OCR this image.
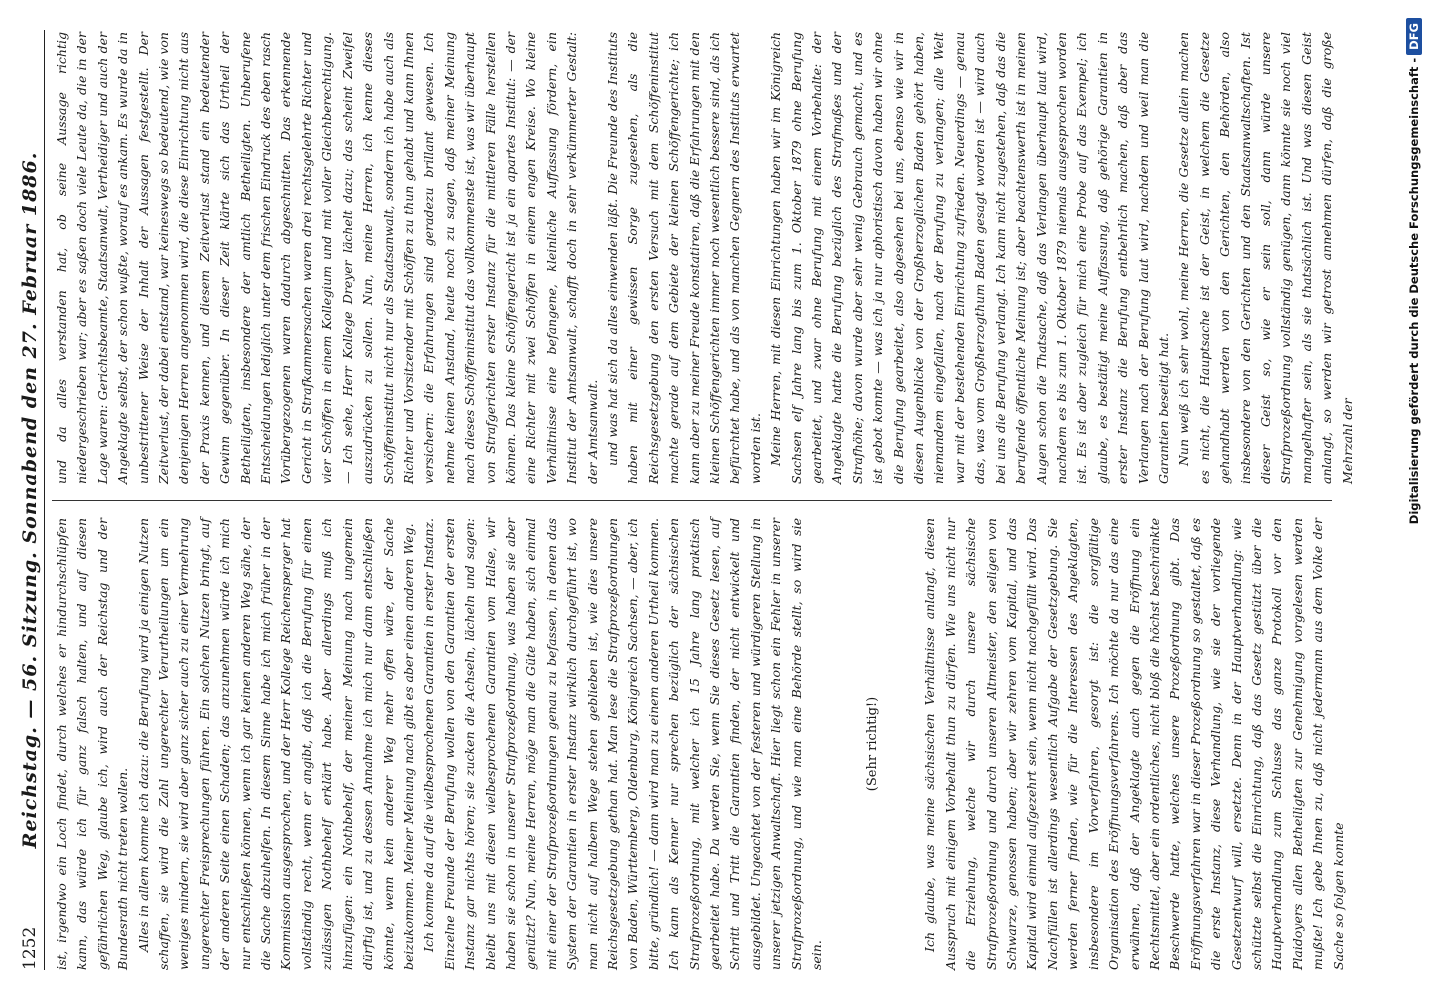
1252
Reichstag. — 56. Sitzung. Sonnabend den 27. Februar 1886. ist, irgendwo ein Loch findet, durch welches er hindurchschlüpfen kann, das würde ich für ganz falsch halten, und auf diesen gefährlichen Weg, glaube ich, wird auch der Reichstag und der Bundesrath nicht treten wollen. Alles in allem komme ich dazu: die Berufung wird ja einigen Nutzen schaffen, sie wird die Zahl ungerechter Verurtheilungen um ein weniges mindern, sie wird aber ganz sicher auch zu einer Vermehrung ungerechter Freisprechungen führen. Ein solchen Nutzen bringt, auf der anderen Seite einen Schaden; das anzunehmen würde ich mich nur entschließen können, wenn ich gar keinen anderen Weg sähe, der die Sache abzuhelfen. In diesem Sinne habe ich mich früher in der Kommission ausgesprochen, und der Herr Kollege Reichensperger hat vollständig recht, wenn er angibt, daß ich die Berufung für einen zulässigen Nothbehelf erklärt habe. Aber allerdings muß ich hinzufügen: ein Nothbehelf, der meiner Meinung nach ungemein dürftig ist, und zu dessen Annahme ich mich nur dann entschließen könnte, wenn kein anderer Weg mehr offen wäre, der Sache beizukommen. Meiner Meinung nach gibt es aber einen anderen Weg. Ich komme da auf die vielbesprochenen Garantien in erster Instanz. Einzelne Freunde der Berufung wollen von den Garantien der ersten Instanz gar nichts hören; sie zucken die Achseln, lächeln und sagen: bleibt uns mit diesen vielbesprochenen Garantien vom Halse, wir haben sie schon in unserer Strafprozeßordnung, was haben sie aber genützt? Nun, meine Herren, möge man die Güte haben, sich einmal mit einer der Strafprozeßordnungen genau zu befassen, in denen das System der Garantien in erster Instanz wirklich durchgeführt ist, wo man nicht auf halbem Wege stehen geblieben ist, wie dies unsere Reichsgesetzgebung gethan hat. Man lese die Strafprozeßordnungen von Baden, Württemberg, Oldenburg, Königreich Sachsen, — aber, ich bitte, gründlich! — dann wird man zu einem anderen Urtheil kommen. Ich kann als Kenner nur sprechen bezüglich der sächsischen Strafprozeßordnung, mit welcher ich 15 Jahre lang praktisch gearbeitet habe. Da werden Sie, wenn Sie dieses Gesetz lesen, auf Schritt und Tritt die Garantien finden, der nicht entwickelt und ausgebildet. Ungeachtet von der festeren und würdigeren Stellung in unserer jetzigen Anwaltschaft. Hier liegt schon ein Fehler in unserer Strafprozeßordnung, und wie man eine Behörde stellt, so wird sie sein.

(Sehr richtig!)	Ich glaube, was meine sächsischen Verhältnisse anlangt, diesen Ausspruch mit einigem Vorbehalt thun zu dürfen. Wie uns nicht nur die Erziehung, welche wir durch unsere sächsische Strafprozeßordnung und durch unseren Altmeister, den seligen von Schwarze, genossen haben; aber wir zehren vom Kapital, und das Kapital wird einmal aufgezehrt sein, wenn nicht nachgefüllt wird. Das Nachfüllen ist allerdings wesentlich Aufgabe der Gesetzgebung. Sie werden ferner finden, wie für die Interessen des Angeklagten, insbesondere im Vorverfahren, gesorgt ist: die sorgfältige Organisation des Eröffnungsverfahrens. Ich möchte da nur das eine erwähnen, daß der Angeklagte auch gegen die Eröffnung ein Rechtsmittel, aber ein ordentliches, nicht bloß die höchst beschränkte Beschwerde hatte, welches unsere Prozeßordnung gibt. Das Eröffnungsverfahren war in dieser Prozeßordnung so gestaltet, daß es die erste Instanz, diese Verhandlung, wie sie der vorliegende Gesetzentwurf will, ersetzte. Denn in der Hauptverhandlung: wie schützte selbst die Einrichtung, daß das Gesetz gestützt über die Hauptverhandlung zum Schlusse das ganze Protokoll vor den Plaidoyers allen Betheiligten zur Genehmigung vorgelesen werden mußte! Ich gebe Ihnen zu, daß nicht jedermann aus dem Volke der Sache so folgen konnte

und da alles verstanden hat, ob seine Aussage richtig niedergeschrieben war; aber es saßen doch viele Leute da, die in der Lage waren: Gerichtsbeamte, Staatsanwalt, Vertheidiger und auch der Angeklagte selbst, der schon wußte, worauf es ankam. Es wurde da in unbestrittener Weise der Inhalt der Aussagen festgestellt. Der Zeitverlust, der dabei entstand, war keineswegs so bedeutend, wie von denjenigen Herren angenommen wird, die diese Einrichtung nicht aus der Praxis kennen, und diesem Zeitverlust stand ein bedeutender Gewinn gegenüber. In dieser Zeit klärte sich das Urtheil der Betheiligten, insbesondere der amtlich Betheiligten. Unberufene Entscheidungen lediglich unter dem frischen Eindruck des eben rasch Vorübergezogenen waren dadurch abgeschnitten. Das erkennende Gericht in Strafkammersachen waren drei rechtsgelehrte Richter und vier Schöffen in einem Kollegium und mit voller Gleichberechtigung. — Ich sehe, Herr Kollege Dreyer lächelt dazu; das scheint Zweifel auszudrücken zu sollen. Nun, meine Herren, ich kenne dieses Schöffeninstitut nicht nur als Staatsanwalt, sondern ich habe auch als Richter und Vorsitzender mit Schöffen zu thun gehabt und kann Ihnen versichern: die Erfahrungen sind geradezu brillant gewesen. Ich nehme keinen Anstand, heute noch zu sagen, daß meiner Meinung nach dieses Schöffeninstitut das vollkommenste ist, was wir überhaupt von Strafgerichten erster Instanz für die mittleren Fälle herstellen können. Das kleine Schöffengericht ist ja ein apartes Institut: — der eine Richter mit zwei Schöffen in einem engen Kreise. Wo kleine Verhältnisse eine befangene, kleinliche Auffassung fördern, ein Institut der Amtsanwalt, schafft doch in sehr verkümmerter Gestalt: der Amtsanwalt. und was hat sich da alles einwenden läßt. Die Freunde des Instituts haben mit einer gewissen Sorge zugesehen, als die Reichsgesetzgebung den ersten Versuch mit dem Schöffeninstitut machte gerade auf dem Gebiete der kleinen Schöffengerichte; ich kann aber zu meiner Freude konstatiren, daß die Erfahrungen mit den kleinen Schöffengerichten immer noch wesentlich bessere sind, als ich befürchtet habe, und als von manchen Gegnern des Instituts erwartet worden ist. Meine Herren, mit diesen Einrichtungen haben wir im Königreich Sachsen elf Jahre lang bis zum 1. Oktober 1879 ohne Berufung gearbeitet, und zwar ohne Berufung mit einem Vorbehalte: der Angeklagte hatte die Berufung bezüglich des Strafmaßes und der Strafhöhe; davon wurde aber sehr wenig Gebrauch gemacht, und es ist gebot konnte — was ich ja nur aphoristisch davon haben wir ohne die Berufung gearbeitet, also abgesehen bei uns, ebenso wie wir in diesen Augenblicke von der Großherzoglichen Baden gehört haben, niemandem eingefallen, nach der Berufung zu verlangen; alle Welt war mit der bestehenden Einrichtung zufrieden. Neuerdings — genau das, was vom Großherzogthum Baden gesagt worden ist — wird auch bei uns die Berufung verlangt. Ich kann nicht zugestehen, daß das die berufende öffentliche Meinung ist; aber beachtenswerth ist in meinen Augen schon die Thatsache, daß das Verlangen überhaupt laut wird, nachdem es bis zum 1. Oktober 1879 niemals ausgesprochen worden ist. Es ist aber zugleich für mich eine Probe auf das Exempel; ich glaube, es bestätigt meine Auffassung, daß gehörige Garantien in erster Instanz die Berufung entbehrlich machen, daß aber das Verlangen nach der Berufung laut wird, nachdem und weil man die Garantien beseitigt hat. Nun weiß ich sehr wohl, meine Herren, die Gesetze allein machen es nicht, die Hauptsache ist der Geist, in welchem die Gesetze gehandhabt werden von den Gerichten, den Behörden, also insbesondere von den Gerichten und den Staatsanwaltschaften. Ist dieser Geist so, wie er sein soll, dann würde unsere Strafprozeßordnung vollständig genügen, dann könnte sie noch viel mangelhafter sein, als sie thatsächlich ist. Und was diesen Geist anlangt, so werden wir getrost annehmen dürfen, daß die große Mehrzahl der	Digitalisierung gefördert durch die Deutsche Forschungsgemeinschaft -DFG
